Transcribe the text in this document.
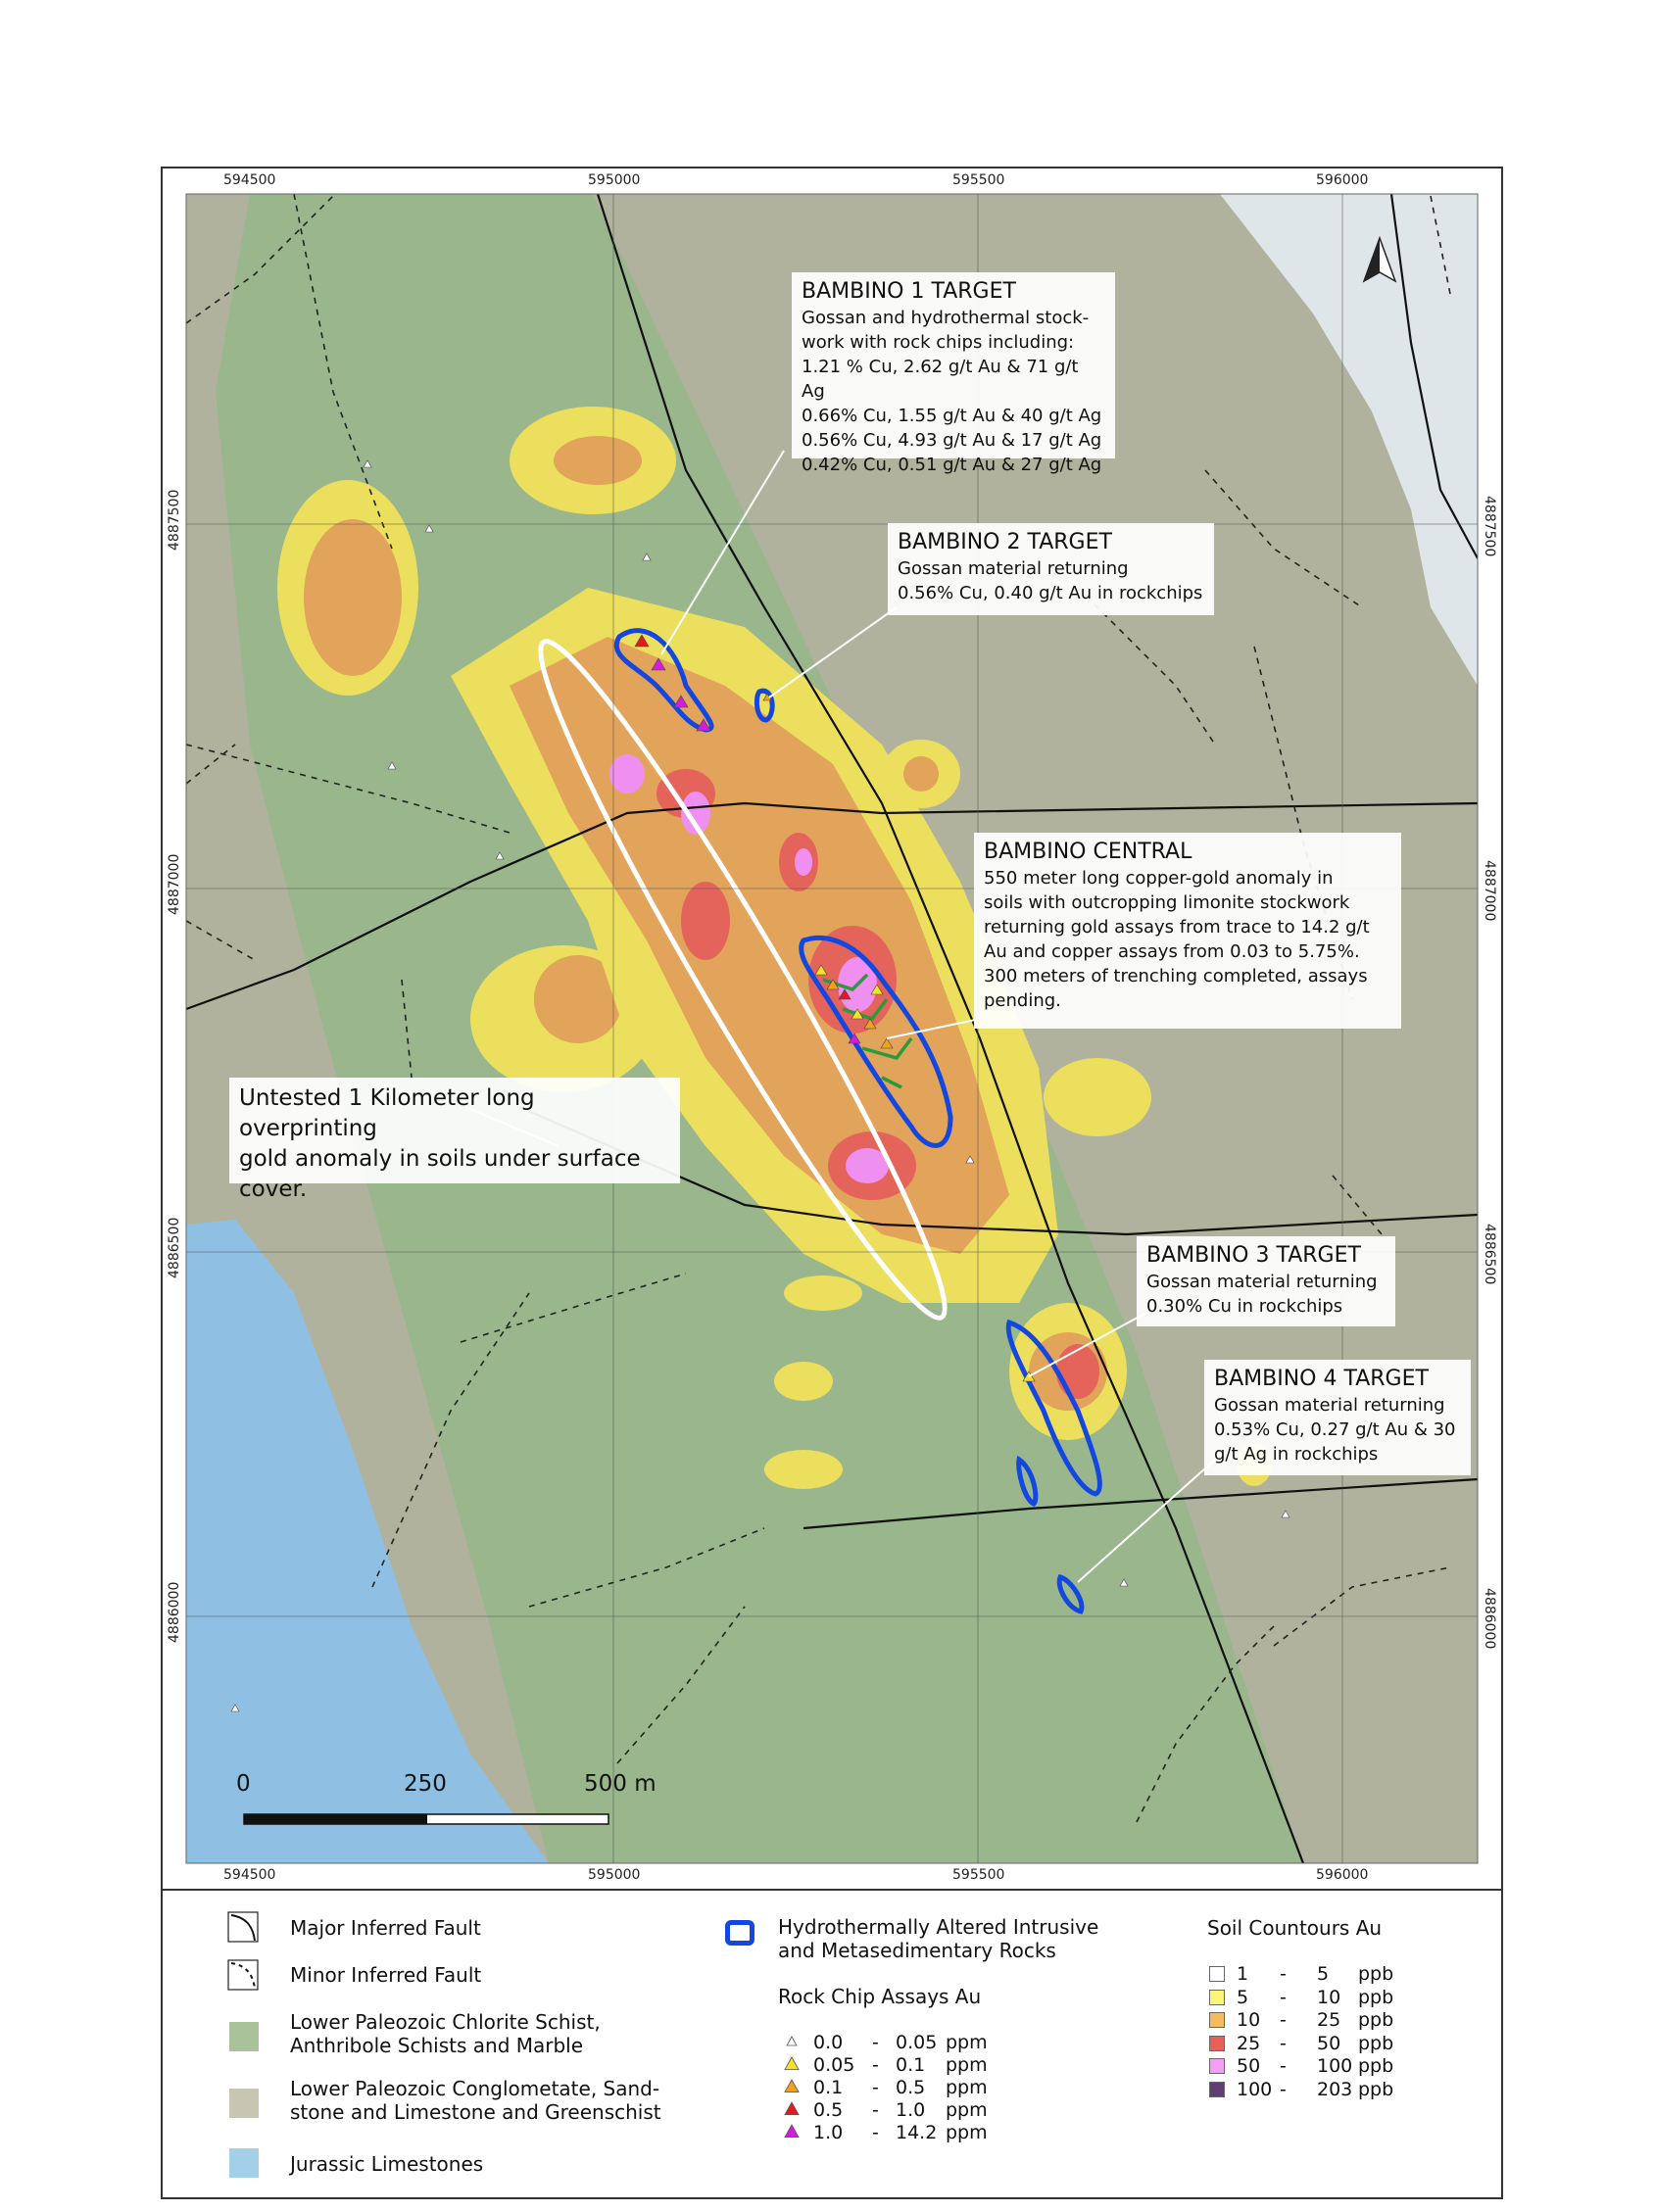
594500	595000	595500	596000
594500	595000	595500	596000
4887500
4887000
4886500
4886000
4887500
4887000
4886500
4886000
BAMBINO 1 TARGET
Gossan and hydrothermal stock-
work with rock chips including:
1.21 % Cu, 2.62 g/t Au & 71 g/t Ag
0.66% Cu, 1.55 g/t Au & 40 g/t Ag
0.56% Cu, 4.93 g/t Au & 17 g/t Ag
0.42% Cu, 0.51 g/t Au & 27 g/t Ag
BAMBINO 2 TARGET
Gossan material returning
0.56% Cu, 0.40 g/t Au in rockchips
BAMBINO CENTRAL
550 meter long copper-gold anomaly in
soils with outcropping limonite stockwork
returning gold assays from trace to 14.2 g/t
Au and copper assays from 0.03 to 5.75%.
300 meters of trenching completed, assays
pending.
Untested 1 Kilometer long overprinting
gold anomaly in soils under surface
cover.
BAMBINO 3 TARGET
Gossan material returning
0.30% Cu in rockchips
BAMBINO 4 TARGET
Gossan material returning
0.53% Cu, 0.27 g/t Au & 30
g/t Ag in rockchips
0	250	500 m
Major Inferred Fault
Minor Inferred Fault
Lower Paleozoic Chlorite Schist,
Anthribole Schists and Marble
Lower Paleozoic Conglometate, Sand-
stone and Limestone and Greenschist
Jurassic Limestones
Hydrothermally Altered Intrusive
and Metasedimentary Rocks
Rock Chip Assays Au
0.0 - 0.05 ppm
0.05 - 0.1 ppm
0.1 - 0.5 ppm
0.5 - 1.0 ppm
1.0 - 14.2 ppm
Soil Countours Au
1 - 5 ppb
5 - 10 ppb
10 - 25 ppb
25 - 50 ppb
50 - 100 ppb
100 - 203 ppb
